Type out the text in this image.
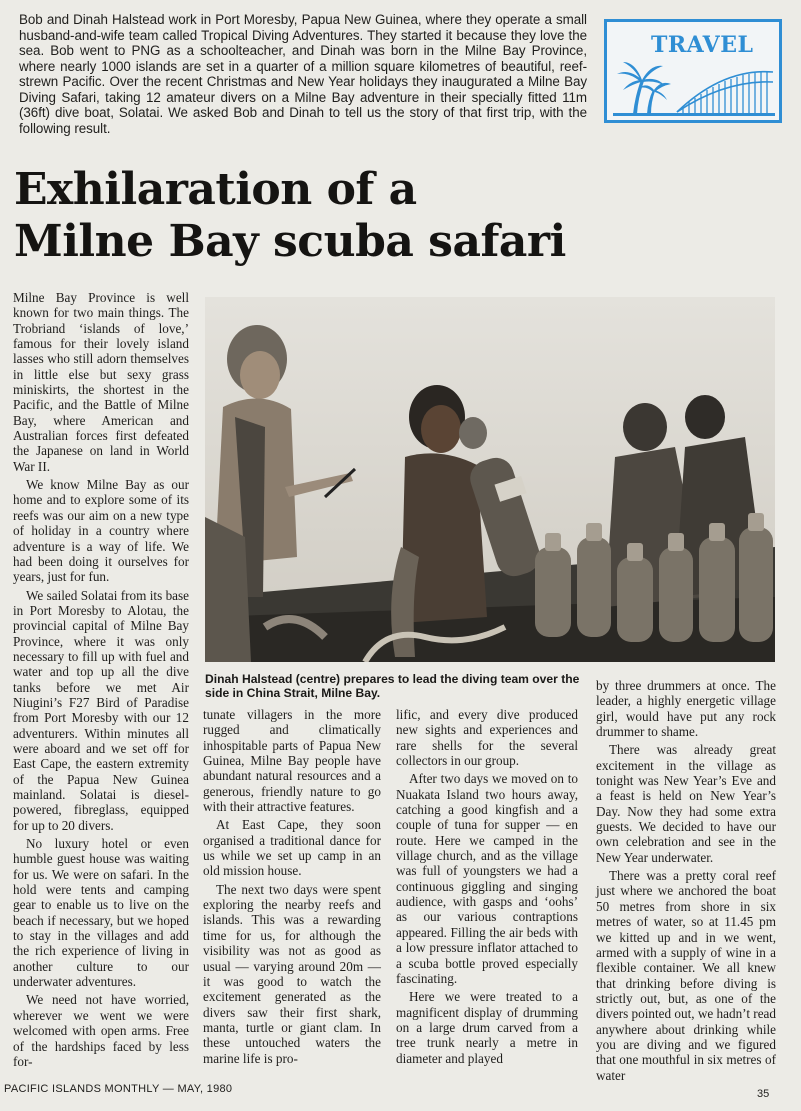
Bob and Dinah Halstead work in Port Moresby, Papua New Guinea, where they operate a small husband-and-wife team called Tropical Diving Adventures. They started it because they love the sea. Bob went to PNG as a schoolteacher, and Dinah was born in the Milne Bay Province, where nearly 1000 islands are set in a quarter of a million square kilometres of beautiful, reef-strewn Pacific. Over the recent Christmas and New Year holidays they inaugurated a Milne Bay Diving Safari, taking 12 amateur divers on a Milne Bay adventure in their specially fitted 11m (36ft) dive boat, Solatai. We asked Bob and Dinah to tell us the story of that first trip, with the following result.

TRAVEL
Exhilaration of a
Milne Bay scuba safari

Milne Bay Province is well known for two main things. The Trobriand ‘islands of love,’ famous for their lovely island lasses who still adorn themselves in little else but sexy grass miniskirts, the shortest in the Pacific, and the Battle of Milne Bay, where American and Australian forces first defeated the Japanese on land in World War II.

We know Milne Bay as our home and to explore some of its reefs was our aim on a new type of holiday in a country where adventure is a way of life. We had been doing it ourselves for years, just for fun.

We sailed Solatai from its base in Port Moresby to Alotau, the provincial capital of Milne Bay Province, where it was only necessary to fill up with fuel and water and top up all the dive tanks before we met Air Niugini’s F27 Bird of Paradise from Port Moresby with our 12 adventurers. Within minutes all were aboard and we set off for East Cape, the eastern extremity of the Papua New Guinea mainland. Solatai is diesel-powered, fibreglass, equipped for up to 20 divers.

No luxury hotel or even humble guest house was waiting for us. We were on safari. In the hold were tents and camping gear to enable us to live on the beach if necessary, but we hoped to stay in the villages and add the rich experience of living in another culture to our underwater adventures.

We need not have worried, wherever we went we were welcomed with open arms. Free of the hardships faced by less for-

Dinah Halstead (centre) prepares to lead the diving team over the side in China Strait, Milne Bay.

tunate villagers in the more rugged and climatically inhospitable parts of Papua New Guinea, Milne Bay people have abundant natural resources and a generous, friendly nature to go with their attractive features.

At East Cape, they soon organised a traditional dance for us while we set up camp in an old mission house.

The next two days were spent exploring the nearby reefs and islands. This was a rewarding time for us, for although the visibility was not as good as usual — varying around 20m — it was good to watch the excitement generated as the divers saw their first shark, manta, turtle or giant clam. In these untouched waters the marine life is pro-

lific, and every dive produced new sights and experiences and rare shells for the several collectors in our group.

After two days we moved on to Nuakata Island two hours away, catching a good kingfish and a couple of tuna for supper — en route. Here we camped in the village church, and as the village was full of youngsters we had a continuous giggling and singing audience, with gasps and ‘oohs’ as our various contraptions appeared. Filling the air beds with a low pressure inflator attached to a scuba bottle proved especially fascinating.

Here we were treated to a magnificent display of drumming on a large drum carved from a tree trunk nearly a metre in diameter and played

by three drummers at once. The leader, a highly energetic village girl, would have put any rock drummer to shame.

There was already great excitement in the village as tonight was New Year’s Eve and a feast is held on New Year’s Day. Now they had some extra guests. We decided to have our own celebration and see in the New Year underwater.

There was a pretty coral reef just where we anchored the boat 50 metres from shore in six metres of water, so at 11.45 pm we kitted up and in we went, armed with a supply of wine in a flexible container. We all knew that drinking before diving is strictly out, but, as one of the divers pointed out, we hadn’t read anywhere about drinking while you are diving and we figured that one mouthful in six metres of water

PACIFIC ISLANDS MONTHLY — MAY, 1980	35
